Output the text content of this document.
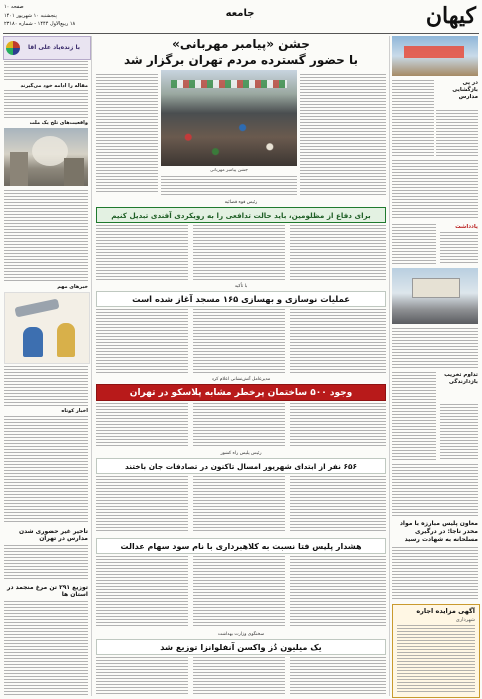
کیهان
جامعه
صفحه ۱۰
پنجشنبه ۱۰ شهریور ۱۴۰۱
۱۸ ربیع‌الاول ۱۴۴۴ - شماره ۲۳۱۸۰
با زنده‌یاد علی آقا
مقاله را ادامه خود می‌گیرند
واقعیت‌های تلخ یک ملت
خبرهای مهم
اخبار کوتاه
تأخیر غیر حضوری شدن مدارس در تهران
توزیع ۲۹۱ تن مرغ منجمد در استان ها
در پی بازگشایی مدارس
یادداشت
تداوم تخریب بازدارندگی
معاون پلیس مبارزه با مواد مخدر ناجا: در درگیری مسلحانه به شهادت رسید
آگهی مزایده اجاره
شهرداری
جشن «پیامبر مهربانی»
با حضور گسترده مردم تهران برگزار شد
جشن پیامبر مهربانی
رئیس قوه قضائیه
برای دفاع از مظلومین، باید حالت تدافعی را به رویکردی آفندی تبدیل کنیم
با تأکید
عملیات نوسازی و بهسازی ۱۶۵ مسجد آغاز شده است
مدیرعامل آتش‌نشانی اعلام کرد
وجود ۵۰۰ ساختمان پرخطر مشابه پلاسکو در تهران
رئیس پلیس راه کشور
۶۵۶ نفر از ابتدای شهریور امسال تاکنون در تصادفات جان باختند
هشدار پلیس فتا نسبت به کلاهبرداری با نام سود سهام عدالت
سخنگوی وزارت بهداشت
یک میلیون دُز واکسن آنفلوانزا توزیع شد
